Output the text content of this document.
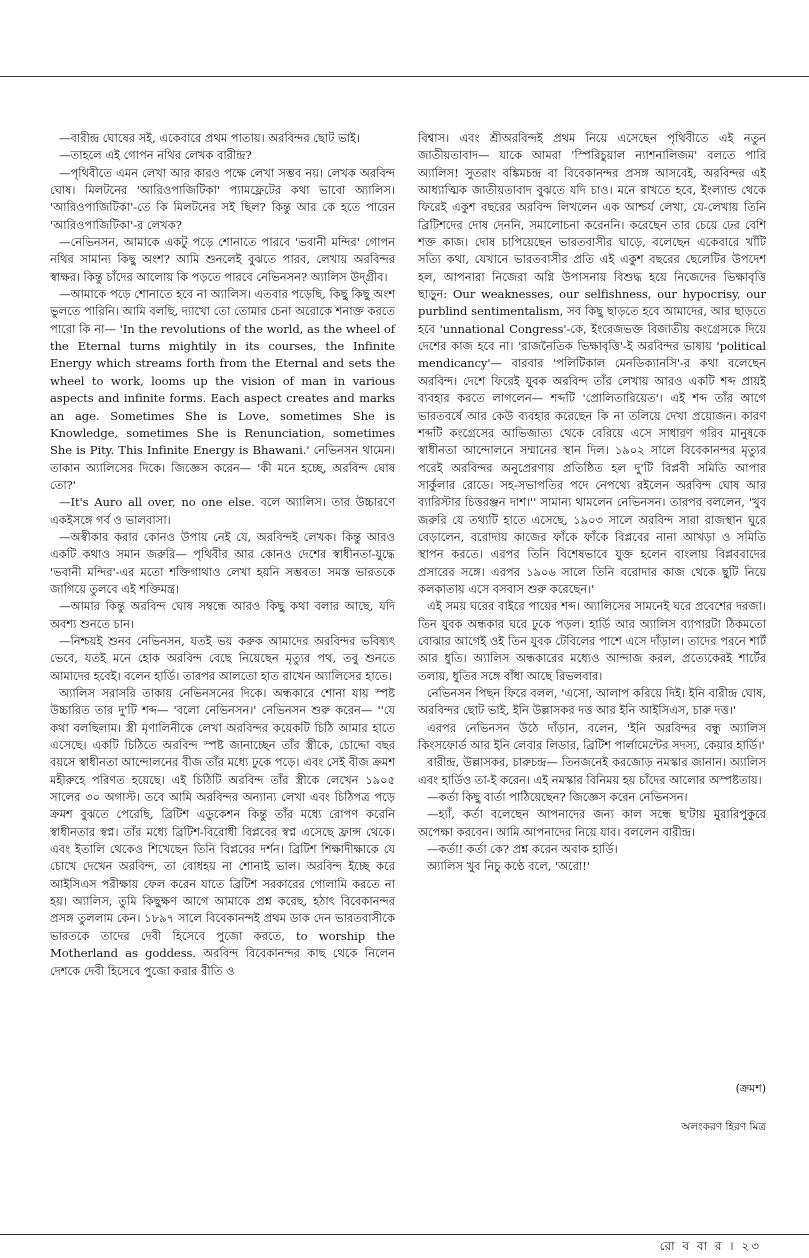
—বারীন্দ্র ঘোষের সই, একেবারে প্রথম পাতায়। অরবিন্দর ছোট ভাই।

—তাহলে এই গোপন নথির লেখক বারীন্দ্র?

—পৃথিবীতে এমন লেখা আর কারও পক্ষে লেখা সম্ভব নয়। লেখক অরবিন্দ ঘোষ। মিলটনের 'আরিওপাজিটিকা' প্যামফ্লেটের কথা ভাবো অ্যালিস। 'আরিওপাজিটিকা'-তে কি মিলটনের সই ছিল? কিন্তু আর কে হতে পারেন 'আরিওপাজিটিকা'-র লেখক?

—নেভিনসন, আমাকে একটু পড়ে শোনাতে পারবে 'ভবানী মন্দির' গোপন নথির সামান্য কিছু অংশ? আমি শুনলেই বুঝতে পারব, লেখায় অরবিন্দর স্বাক্ষর। কিন্তু চাঁদের আলোয় কি পড়তে পারবে নেভিনসন? অ্যালিস উদ্‌গ্রীব।

—আমাকে পড়ে শোনাতে হবে না অ্যালিস। এতবার পড়েছি, কিছু কিছু অংশ ভুলতে পারিনি। আমি বলছি, দ্যাখো তো তোমার চেনা অরোকে শনাক্ত করতে পারো কি না— 'In the revolutions of the world, as the wheel of the Eternal turns mightily in its courses, the Infinite Energy which streams forth from the Eternal and sets the wheel to work, looms up the vision of man in various aspects and infinite forms. Each aspect creates and marks an age. Sometimes She is Love, sometimes She is Knowledge, sometimes She is Renunciation, sometimes She is Pity. This Infinite Energy is Bhawani.' নেভিনসন থামেন। তাকান অ্যালিসের দিকে। জিজ্ঞেস করেন— 'কী মনে হচ্ছে, অরবিন্দ ঘোষ তো?'

—It's Auro all over, no one else. বলে অ্যালিস। তার উচ্চারণে একইসঙ্গে গর্ব ও ভালবাসা।

—অস্বীকার করার কোনও উপায় নেই যে, অরবিন্দই লেখক। কিন্তু আরও একটি কথাও সমান জরুরি— পৃথিবীর আর কোনও দেশের স্বাধীনতা-যুদ্ধে 'ভবানী মন্দির'-এর মতো শক্তিগাথাও লেখা হয়নি সম্ভবত! সমস্ত ভারতকে জাগিয়ে তুলবে এই শক্তিমন্ত্র।

—আমার কিন্তু অরবিন্দ ঘোষ সম্বন্ধে আরও কিছু কথা বলার আছে, যদি অবশ্য শুনতে চান।

—নিশ্চয়ই শুনব নেভিনসন, যতই ভয় করুক আমাদের অরবিন্দর ভবিষ্যৎ ভেবে, যতই মনে হোক অরবিন্দ বেছে নিয়েছেন মৃত্যুর পথ, তবু শুনতে আমাদের হবেই। বলেন হার্ডি। তারপর আলতো হাত রাখেন অ্যালিসের হাতে।

অ্যালিস সরাসরি তাকায় নেভিনসনের দিকে। অন্ধকারে শোনা যায় স্পষ্ট উচ্চারিত তার দু'টি শব্দ— 'বলো নেভিনসন।' নেভিনসন শুরু করেন— ''যে কথা বলছিলাম। স্ত্রী মৃণালিনীকে লেখা অরবিন্দর কয়েকটি চিঠি আমার হাতে এসেছে। একটি চিঠিতে অরবিন্দ স্পষ্ট জানাচ্ছেন তাঁর স্ত্রীকে, চোদ্দো বছর বয়সে স্বাধীনতা আন্দোলনের বীজ তাঁর মধ্যে ঢুকে পড়ে। এবং সেই বীজ ক্রমশ মহীরুহে পরিণত হয়েছে। এই চিঠিটি অরবিন্দ তাঁর স্ত্রীকে লেখেন ১৯০৫ সালের ৩০ অগাস্ট। তবে আমি অরবিন্দর অন্যান্য লেখা এবং চিঠিপত্র পড়ে ক্রমশ বুঝতে পেরেছি, ব্রিটিশ এডুকেশন কিন্তু তাঁর মধ্যে রোপণ করেনি স্বাধীনতার স্বপ্ন। তাঁর মধ্যে ব্রিটিশ-বিরোধী বিপ্লবের স্বপ্ন এসেছে ফ্রান্স থেকে। এবং ইতালি থেকেও শিখেছেন তিনি বিপ্লবের দর্শন। ব্রিটিশ শিক্ষাদীক্ষাকে যে চোখে দেখেন অরবিন্দ, তা বোধহয় না শোনাই ভাল। অরবিন্দ ইচ্ছে করে আইসিএস পরীক্ষায় ফেল করেন যাতে ব্রিটিশ সরকারের গোলামি করতে না হয়। অ্যালিস, তুমি কিছুক্ষণ আগে আমাকে প্রশ্ন করেছ, হঠাৎ বিবেকানন্দর প্রসঙ্গ তুললাম কেন। ১৮৯৭ সালে বিবেকানন্দই প্রথম ডাক দেন ভারতবাসীকে ভারতকে তাদের দেবী হিসেবে পুজো করতে, to worship the Motherland as goddess. অরবিন্দ বিবেকানন্দর কাছ থেকে নিলেন দেশকে দেবী হিসেবে পুজো করার রীতি ও

বিশ্বাস। এবং শ্রীঅরবিন্দই প্রথম নিয়ে এসেছেন পৃথিবীতে এই নতুন জাতীয়তাবাদ— যাকে আমরা 'স্পিরিচুয়াল ন্যাশনালিজম' বলতে পারি অ্যালিস! সুতরাং বঙ্কিমচন্দ্র বা বিবেকানন্দর প্রসঙ্গ আসবেই, অরবিন্দর এই আধ্যাত্মিক জাতীয়তাবাদ বুঝতে যদি চাও। মনে রাখতে হবে, ইংল্যান্ড থেকে ফিরেই একুশ বছরের অরবিন্দ লিখলেন এক আশ্চর্য লেখা, যে-লেখায় তিনি ব্রিটিশদের দোষ দেননি, সমালোচনা করেননি। করেছেন তার চেয়ে ঢের বেশি শক্ত কাজ। দোষ চাপিয়েছেন ভারতবাসীর ঘাড়ে, বলেছেন একেবারে খাঁটি সত্যি কথা, যেখানে ভারতবাসীর প্রতি এই একুশ বছরের ছেলেটির উপদেশ হল, আপনারা নিজেরা অগ্নি উপাসনায় বিশুদ্ধ হয়ে নিজেদের ভিক্ষাবৃত্তি ছাড়ুন: Our weaknesses, our selfishness, our hypocrisy, our purblind sentimentalism, সব কিছু ছাড়তে হবে আমাদের, আর ছাড়তে হবে 'unnational Congress'-কে, ইংরেজভক্ত বিজাতীয় কংগ্রেসকে দিয়ে দেশের কাজ হবে না। 'রাজনৈতিক ভিক্ষাবৃত্তি'-ই অরবিন্দর ভাষায় 'political mendicancy'— বারবার 'পলিটিকাল মেনডিক্যানসি'-র কথা বলেছেন অরবিন্দ। দেশে ফিরেই যুবক অরবিন্দ তাঁর লেখায় আরও একটি শব্দ প্রায়ই ব্যবহার করতে লাগলেন— শব্দটি 'প্রোলিতারিয়েত'। এই শব্দ তাঁর আগে ভারতবর্ষে আর কেউ ব্যবহার করেছেন কি না তলিয়ে দেখা প্রয়োজন। কারণ শব্দটি কংগ্রেসের আভিজাত্য থেকে বেরিয়ে এসে সাধারণ গরিব মানুষকে স্বাধীনতা আন্দোলনে সম্মানের স্থান দিল। ১৯০২ সালে বিবেকানন্দর মৃত্যুর পরেই অরবিন্দর অনুপ্রেরণায় প্রতিষ্ঠিত হল দু'টি বিপ্লবী সমিতি আপার সার্কুলার রোডে। সহ-সভাপতির পদে নেপথ্যে রইলেন অরবিন্দ ঘোষ আর ব্যারিস্টার চিত্তরঞ্জন দাশ।'' সামান্য থামলেন নেভিনসন। তারপর বললেন, 'খুব জরুরি যে তথ্যটি হাতে এসেছে, ১৯০৩ সালে অরবিন্দ সারা রাজস্থান ঘুরে বেড়ালেন, বরোদায় কাজের ফাঁকে ফাঁকে বিপ্লবের নানা আখড়া ও সমিতি স্থাপন করতে। এরপর তিনি বিশেষভাবে যুক্ত হলেন বাংলায় বিপ্লববাদের প্রসারের সঙ্গে। এরপর ১৯০৬ সালে তিনি বরোদার কাজ থেকে ছুটি নিয়ে কলকাতায় এসে বসবাস শুরু করেছেন।'

এই সময় ঘরের বাইরে পায়ের শব্দ। অ্যালিসের সামনেই ঘরে প্রবেশের দরজা। তিন যুবক অন্ধকার ঘরে ঢুকে পড়ল। হার্ডি আর অ্যালিস ব্যাপারটা ঠিকমতো বোঝার আগেই ওই তিন যুবক টেবিলের পাশে এসে দাঁড়াল। তাদের পরনে শার্ট আর ধুতি। অ্যালিস অন্ধকারের মধ্যেও আন্দাজ করল, প্রত্যেকেরই শার্টের তলায়, ধুতির সঙ্গে বাঁধা আছে রিভলবার।

নেভিনসন পিছন ফিরে বলল, 'এসো, আলাপ করিয়ে দিই। ইনি বারীন্দ্র ঘোষ, অরবিন্দর ছোট ভাই, ইনি উল্লাসকর দত্ত আর ইনি আইসিএস, চারু দত্ত।'

এরপর নেভিনসন উঠে দাঁড়ান, বলেন, 'ইনি অরবিন্দর বন্ধু অ্যালিস কিংসফোর্ড আর ইনি লেবার লিডার, ব্রিটিশ পার্লামেন্টের সদস্য, কেয়ার হার্ডি।'

বারীন্দ্র, উল্লাসকর, চারুচন্দ্র— তিনজনেই করজোড় নমস্কার জানান। অ্যালিস এবং হার্ডিও তা-ই করেন। এই নমস্কার বিনিময় হয় চাঁদের আলোর অস্পষ্টতায়।

—কর্তা কিছু বার্তা পাঠিয়েছেন? জিজ্ঞেস করেন নেভিনসন।

—হ্যাঁ, কর্তা বলেছেন আপনাদের জন্য কাল সন্ধে ছ'টায় মুরারিপুকুরে অপেক্ষা করবেন। আমি আপনাদের নিয়ে যাব। বললেন বারীন্দ্র।

—কর্তা! কর্তা কে? প্রশ্ন করেন অবাক হার্ডি।

অ্যালিস খুব নিচু কণ্ঠে বলে, 'অরো!'

(ক্রমশ)
অলংকরণ হিরণ মিত্র
রো ব বা র । ২৩
